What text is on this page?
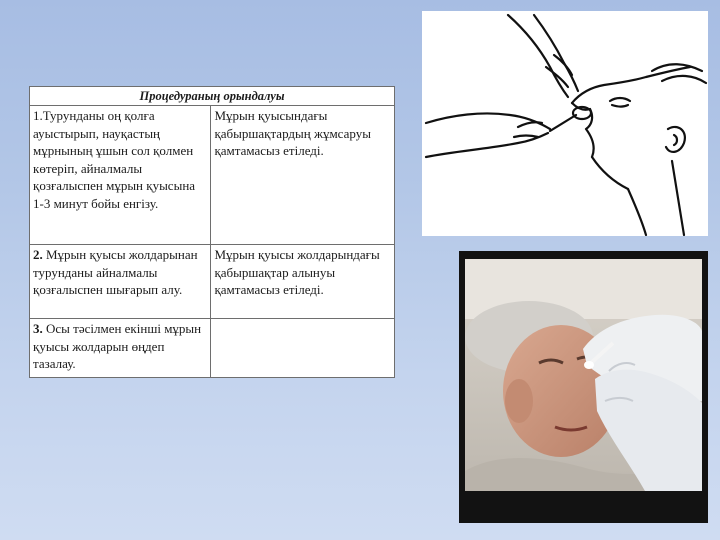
Процедураның орындалуы	
1.Турунданы оң қолға ауыстырып, науқастың мұрнының ұшын сол қолмен көтеріп, айналмалы қозғалыспен мұрын қуысына 1-3 минут бойы енгізу.	Мұрын қуысындағы қабыршақтардың жұмсаруы қамтамасыз етіледі.
2. Мұрын қуысы жолдарынан турунданы айналмалы қозғалыспен шығарып алу.	Мұрын қуысы жолдарындағы қабыршақтар алынуы қамтамасыз етіледі.
3. Осы тәсілмен екінші мұрын қуысы жолдарын өңдеп тазалау.	
